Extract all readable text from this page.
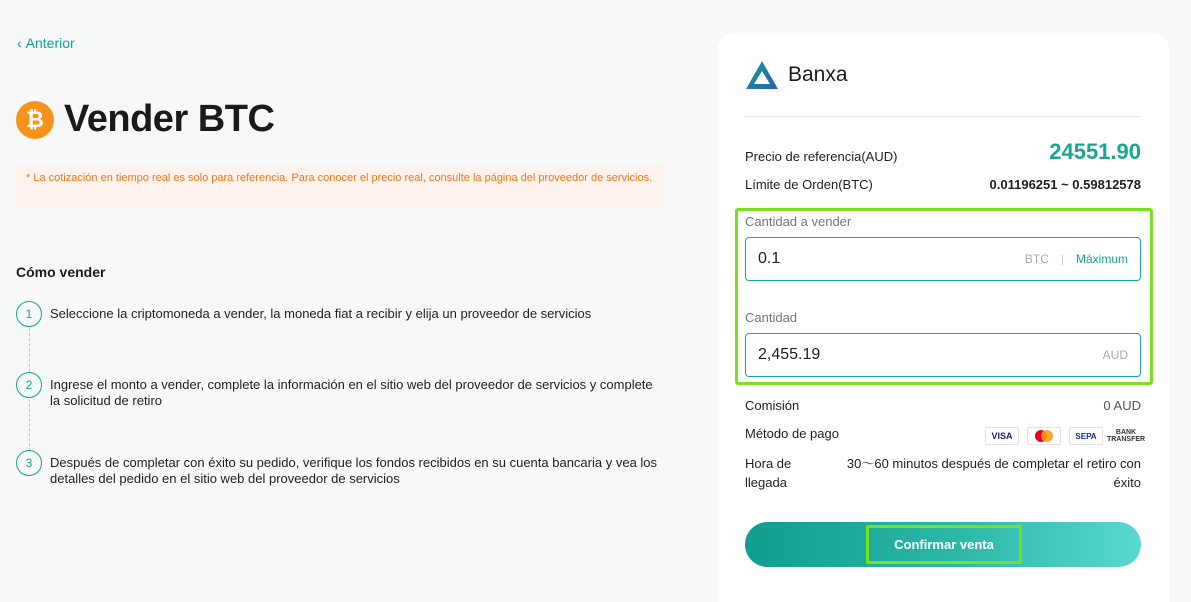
‹ Anterior
₿ Vender BTC
* La cotización en tiempo real es solo para referencia. Para conocer el precio real, consulte la página del proveedor de servicios.
Cómo vender
1	Seleccione la criptomoneda a vender, la moneda fiat a recibir y elija un proveedor de servicios
2	Ingrese el monto a vender, complete la información en el sitio web del proveedor de servicios y complete la solicitud de retiro
3	Después de completar con éxito su pedido, verifique los fondos recibidos en su cuenta bancaria y vea los detalles del pedido en el sitio web del proveedor de servicios
Banxa
Precio de referencia(AUD)	24551.90
Límite de Orden(BTC)	0.01196251 ~ 0.59812578
Cantidad a vender
0.1
BTC | Máximum
Cantidad
2,455.19
AUD
Comisión	0 AUD
Método de pago	VISA	SEPA	BANK TRANSFER
Hora de llegada
30～60 minutos después de completar el retiro con éxito
Confirmar venta
